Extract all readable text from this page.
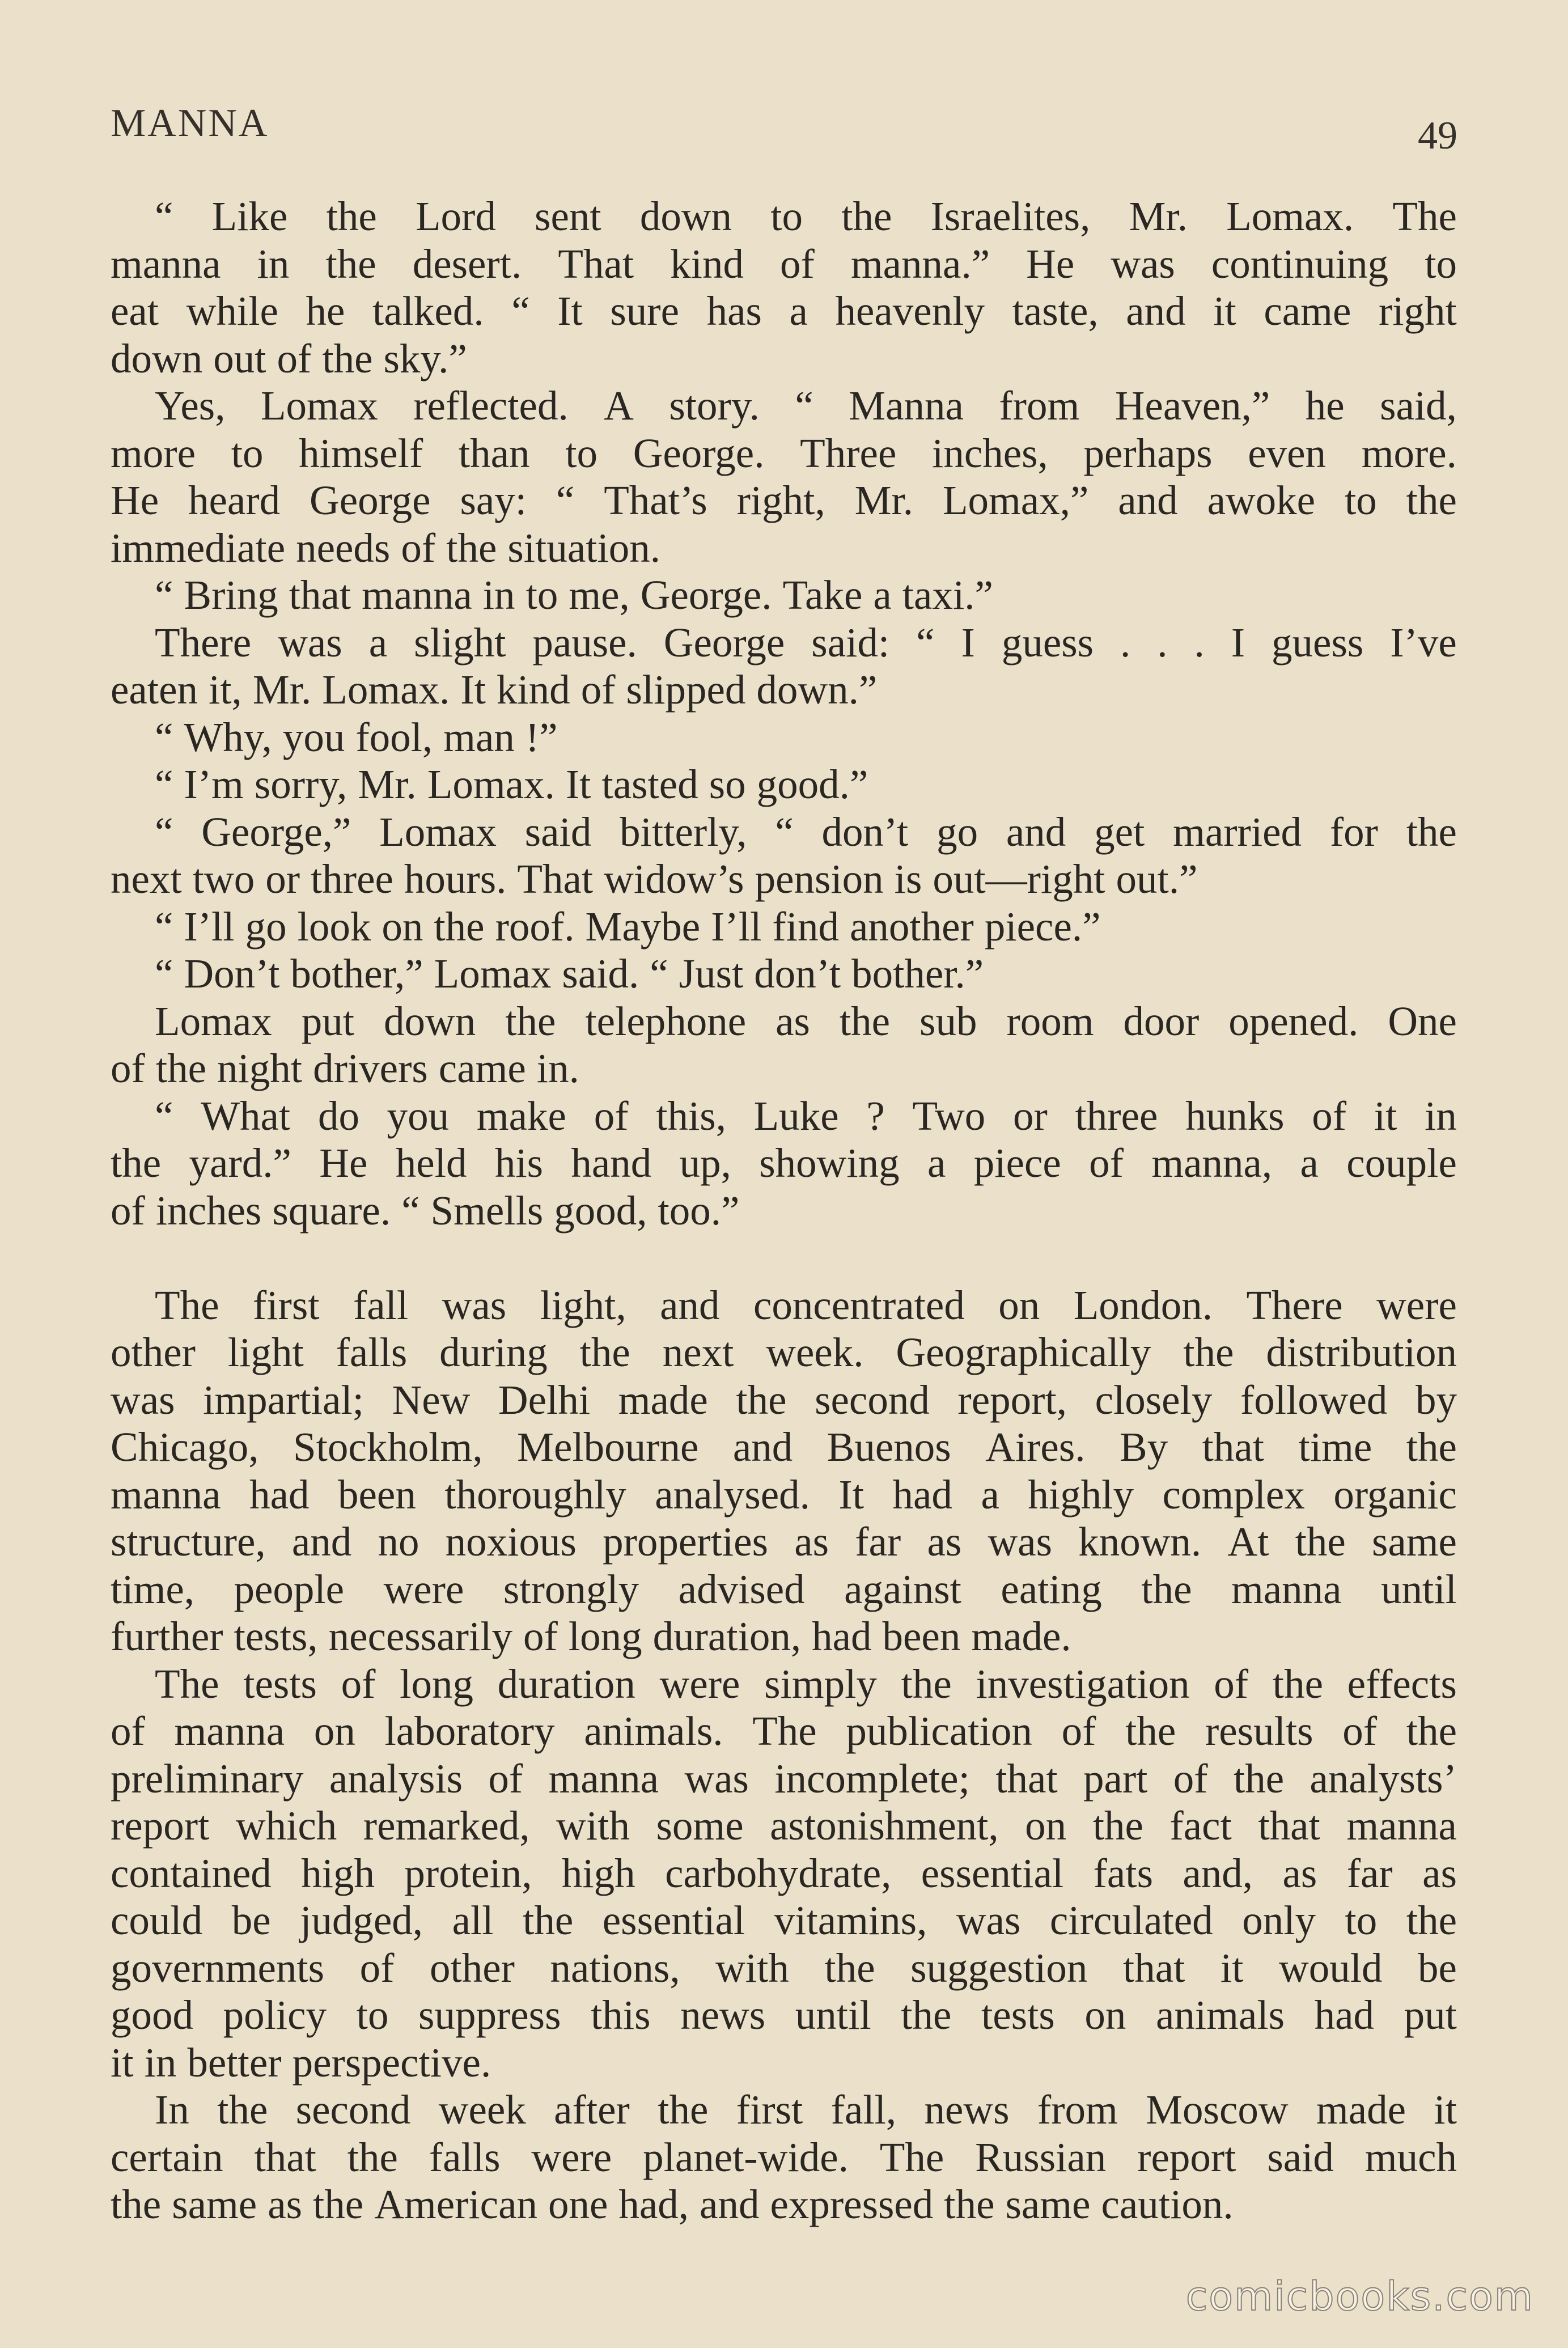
MANNA	49
“ Like the Lord sent down to the Israelites, Mr. Lomax. The
manna in the desert. That kind of manna.” He was continuing to
eat while he talked. “ It sure has a heavenly taste, and it came right
down out of the sky.”
Yes, Lomax reflected. A story. “ Manna from Heaven,” he said,
more to himself than to George. Three inches, perhaps even more.
He heard George say: “ That’s right, Mr. Lomax,” and awoke to the
immediate needs of the situation.
“ Bring that manna in to me, George. Take a taxi.”
There was a slight pause. George said: “ I guess . . . I guess I’ve
eaten it, Mr. Lomax. It kind of slipped down.”
“ Why, you fool, man !”
“ I’m sorry, Mr. Lomax. It tasted so good.”
“ George,” Lomax said bitterly, “ don’t go and get married for the
next two or three hours. That widow’s pension is out—right out.”
“ I’ll go look on the roof. Maybe I’ll find another piece.”
“ Don’t bother,” Lomax said. “ Just don’t bother.”
Lomax put down the telephone as the sub room door opened. One
of the night drivers came in.
“ What do you make of this, Luke ? Two or three hunks of it in
the yard.” He held his hand up, showing a piece of manna, a couple
of inches square. “ Smells good, too.”
The first fall was light, and concentrated on London. There were
other light falls during the next week. Geographically the distribution
was impartial; New Delhi made the second report, closely followed by
Chicago, Stockholm, Melbourne and Buenos Aires. By that time the
manna had been thoroughly analysed. It had a highly complex organic
structure, and no noxious properties as far as was known. At the same
time, people were strongly advised against eating the manna until
further tests, necessarily of long duration, had been made.
The tests of long duration were simply the investigation of the effects
of manna on laboratory animals. The publication of the results of the
preliminary analysis of manna was incomplete; that part of the analysts’
report which remarked, with some astonishment, on the fact that manna
contained high protein, high carbohydrate, essential fats and, as far as
could be judged, all the essential vitamins, was circulated only to the
governments of other nations, with the suggestion that it would be
good policy to suppress this news until the tests on animals had put
it in better perspective.
In the second week after the first fall, news from Moscow made it
certain that the falls were planet-wide. The Russian report said much
the same as the American one had, and expressed the same caution.
comicbooks.com
